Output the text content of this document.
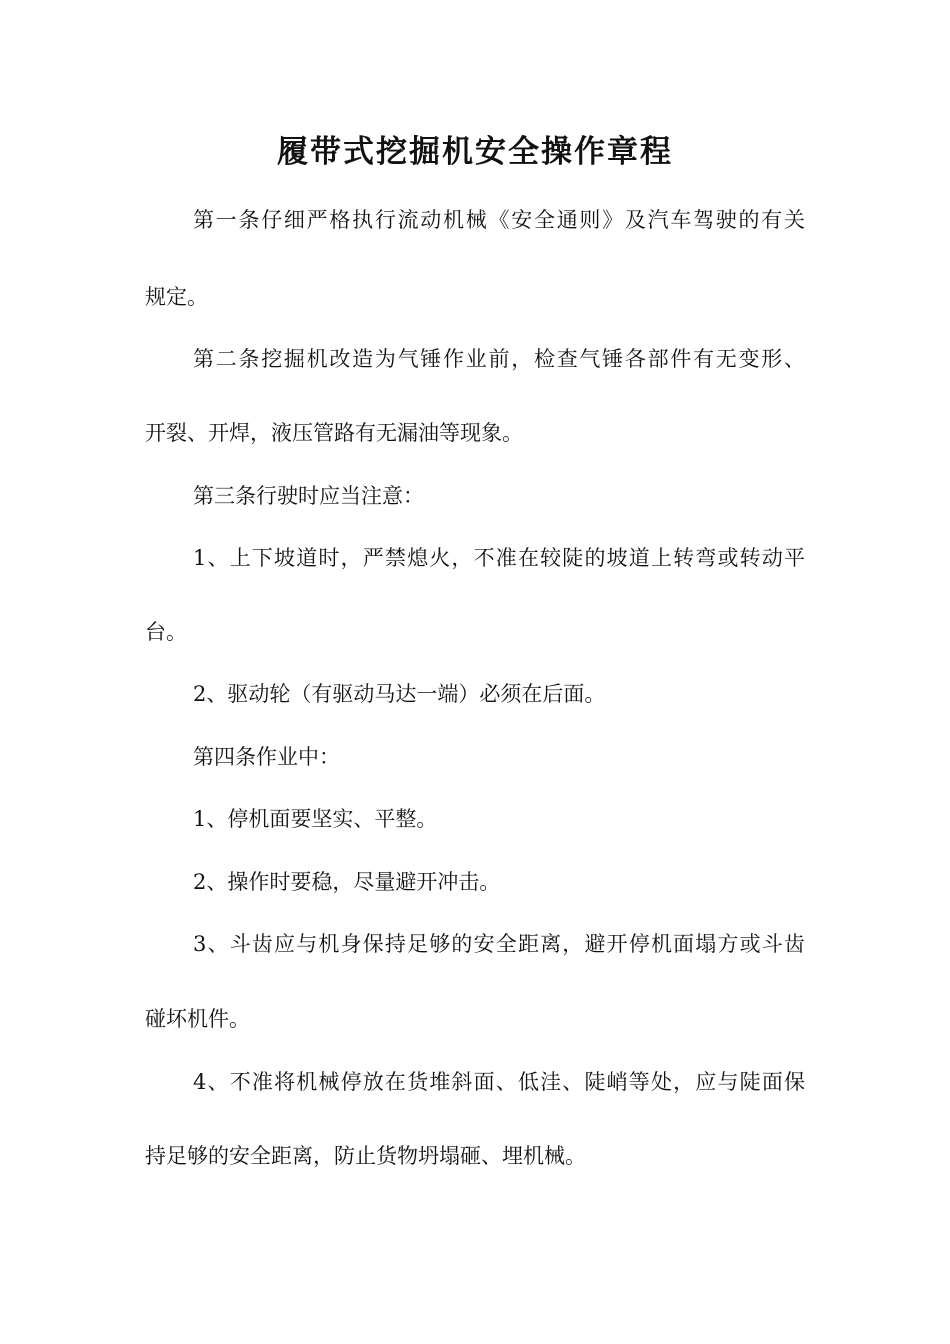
履带式挖掘机安全操作章程

第一条仔细严格执行流动机械《安全通则》及汽车驾驶的有关

规定。

第二条挖掘机改造为气锤作业前，检查气锤各部件有无变形、

开裂、开焊，液压管路有无漏油等现象。

第三条行驶时应当注意：

1、上下坡道时，严禁熄火，不准在较陡的坡道上转弯或转动平

台。

2、驱动轮（有驱动马达一端）必须在后面。

第四条作业中：

1、停机面要坚实、平整。

2、操作时要稳，尽量避开冲击。

3、斗齿应与机身保持足够的安全距离，避开停机面塌方或斗齿

碰坏机件。

4、不准将机械停放在货堆斜面、低洼、陡峭等处，应与陡面保

持足够的安全距离，防止货物坍塌砸、埋机械。
